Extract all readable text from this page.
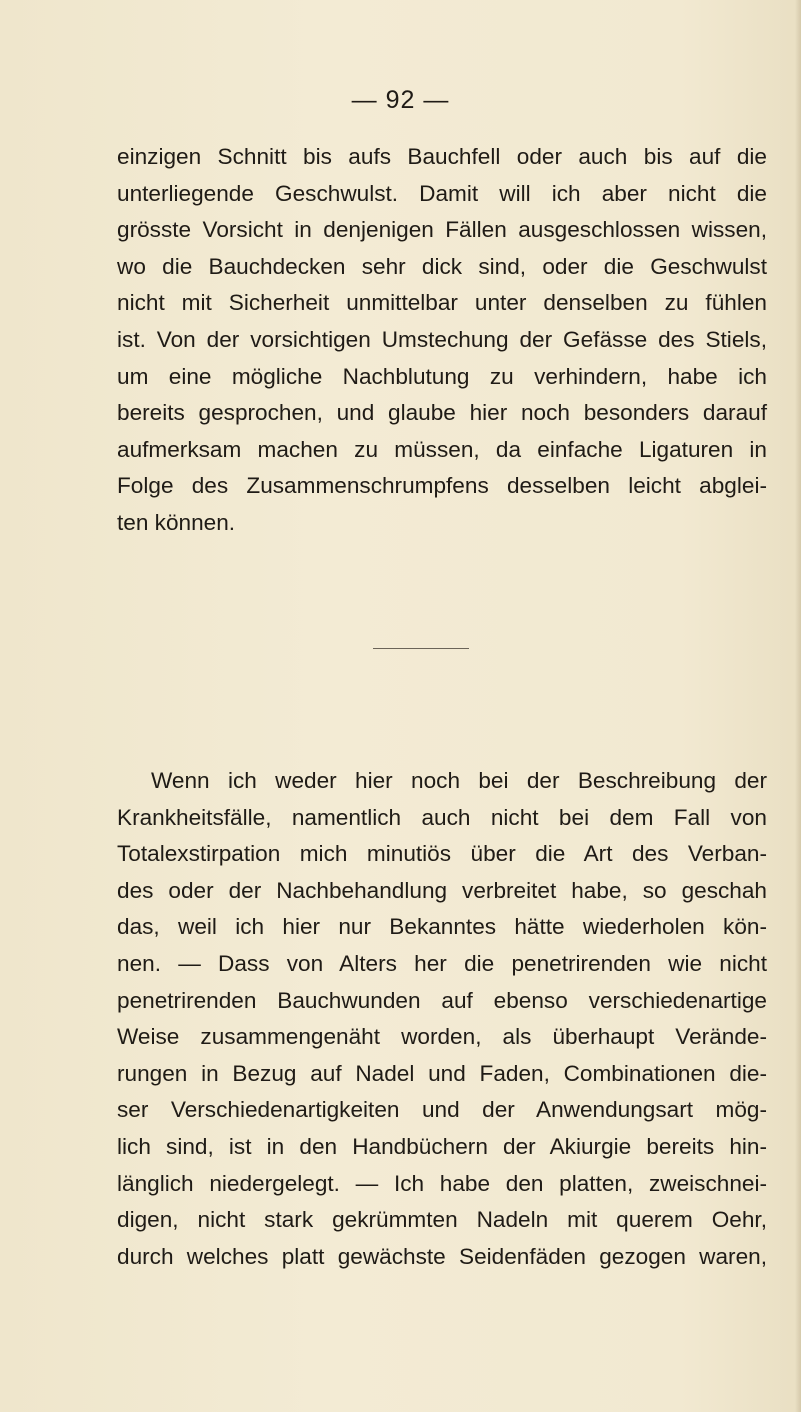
— 92 —
einzigen Schnitt bis aufs Bauchfell oder auch bis auf die
unterliegende Geschwulst. Damit will ich aber nicht die
grösste Vorsicht in denjenigen Fällen ausgeschlossen wissen,
wo die Bauchdecken sehr dick sind, oder die Geschwulst
nicht mit Sicherheit unmittelbar unter denselben zu fühlen
ist. Von der vorsichtigen Umstechung der Gefässe des Stiels,
um eine mögliche Nachblutung zu verhindern, habe ich
bereits gesprochen, und glaube hier noch besonders darauf
aufmerksam machen zu müssen, da einfache Ligaturen in
Folge des Zusammenschrumpfens desselben leicht abglei-
ten können.
Wenn ich weder hier noch bei der Beschreibung der
Krankheitsfälle, namentlich auch nicht bei dem Fall von
Totalexstirpation mich minutiös über die Art des Verban-
des oder der Nachbehandlung verbreitet habe, so geschah
das, weil ich hier nur Bekanntes hätte wiederholen kön-
nen. — Dass von Alters her die penetrirenden wie nicht
penetrirenden Bauchwunden auf ebenso verschiedenartige
Weise zusammengenäht worden, als überhaupt Verände-
rungen in Bezug auf Nadel und Faden, Combinationen die-
ser Verschiedenartigkeiten und der Anwendungsart mög-
lich sind, ist in den Handbüchern der Akiurgie bereits hin-
länglich niedergelegt. — Ich habe den platten, zweischnei-
digen, nicht stark gekrümmten Nadeln mit querem Oehr,
durch welches platt gewächste Seidenfäden gezogen waren,
